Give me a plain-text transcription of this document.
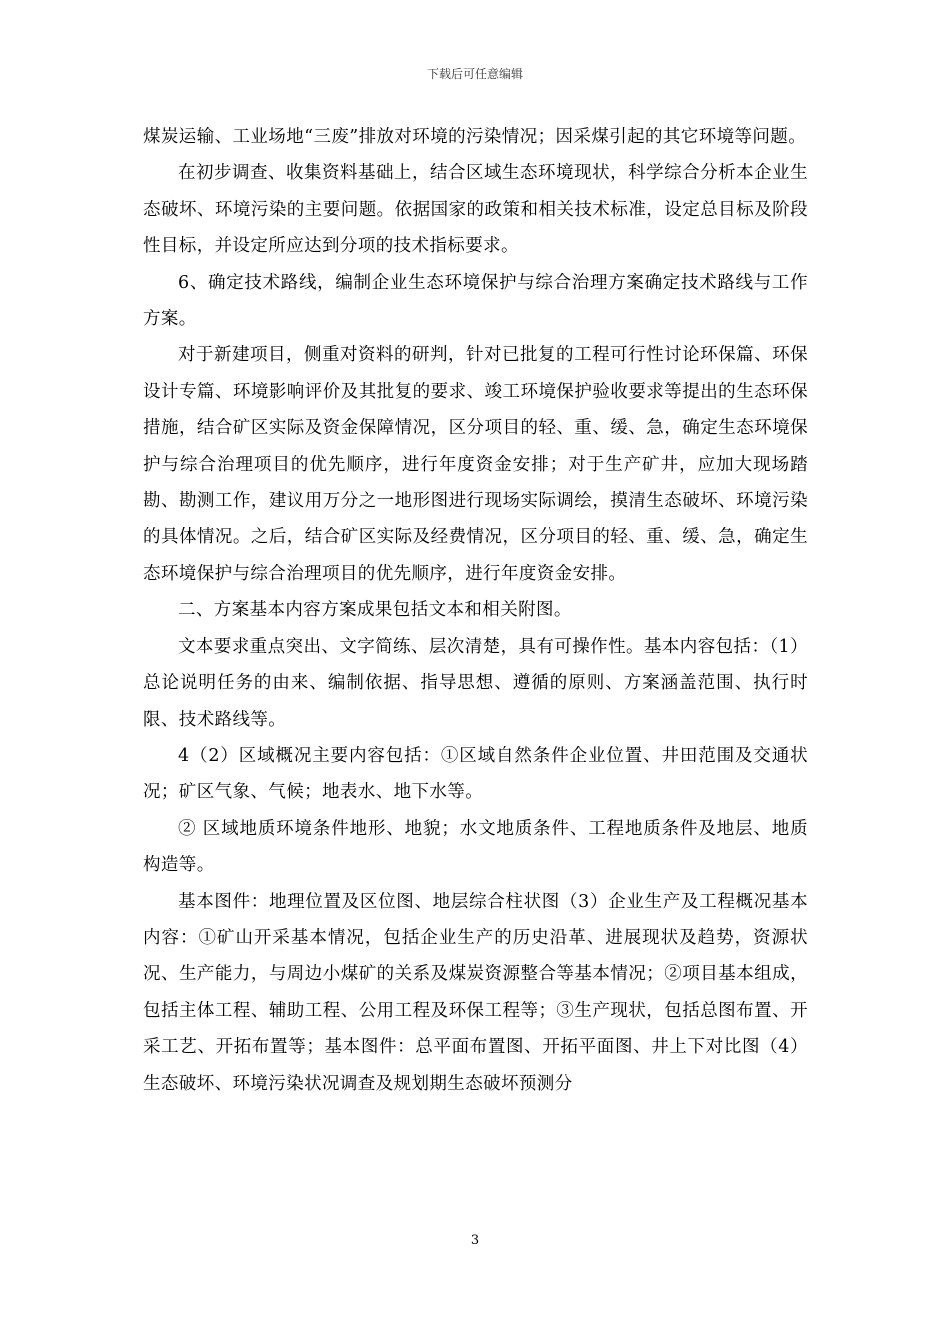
下载后可任意编辑

煤炭运输、工业场地“三废”排放对环境的污染情况；因采煤引起的其它环境等问题。

在初步调查、收集资料基础上，结合区域生态环境现状，科学综合分析本企业生态破坏、环境污染的主要问题。依据国家的政策和相关技术标准，设定总目标及阶段性目标，并设定所应达到分项的技术指标要求。

6、确定技术路线，编制企业生态环境保护与综合治理方案确定技术路线与工作方案。

对于新建项目，侧重对资料的研判，针对已批复的工程可行性讨论环保篇、环保设计专篇、环境影响评价及其批复的要求、竣工环境保护验收要求等提出的生态环保措施，结合矿区实际及资金保障情况，区分项目的轻、重、缓、急，确定生态环境保护与综合治理项目的优先顺序，进行年度资金安排；对于生产矿井，应加大现场踏勘、勘测工作，建议用万分之一地形图进行现场实际调绘，摸清生态破坏、环境污染的具体情况。之后，结合矿区实际及经费情况，区分项目的轻、重、缓、急，确定生态环境保护与综合治理项目的优先顺序，进行年度资金安排。

二、方案基本内容方案成果包括文本和相关附图。

文本要求重点突出、文字简练、层次清楚，具有可操作性。基本内容包括：（1）总论说明任务的由来、编制依据、指导思想、遵循的原则、方案涵盖范围、执行时限、技术路线等。

4（2）区域概况主要内容包括：①区域自然条件企业位置、井田范围及交通状况；矿区气象、气候；地表水、地下水等。

② 区域地质环境条件地形、地貌；水文地质条件、工程地质条件及地层、地质构造等。

基本图件：地理位置及区位图、地层综合柱状图（3）企业生产及工程概况基本内容：①矿山开采基本情况，包括企业生产的历史沿革、进展现状及趋势，资源状况、生产能力，与周边小煤矿的关系及煤炭资源整合等基本情况；②项目基本组成，包括主体工程、辅助工程、公用工程及环保工程等；③生产现状，包括总图布置、开采工艺、开拓布置等；基本图件：总平面布置图、开拓平面图、井上下对比图（4）生态破坏、环境污染状况调查及规划期生态破坏预测分

3
